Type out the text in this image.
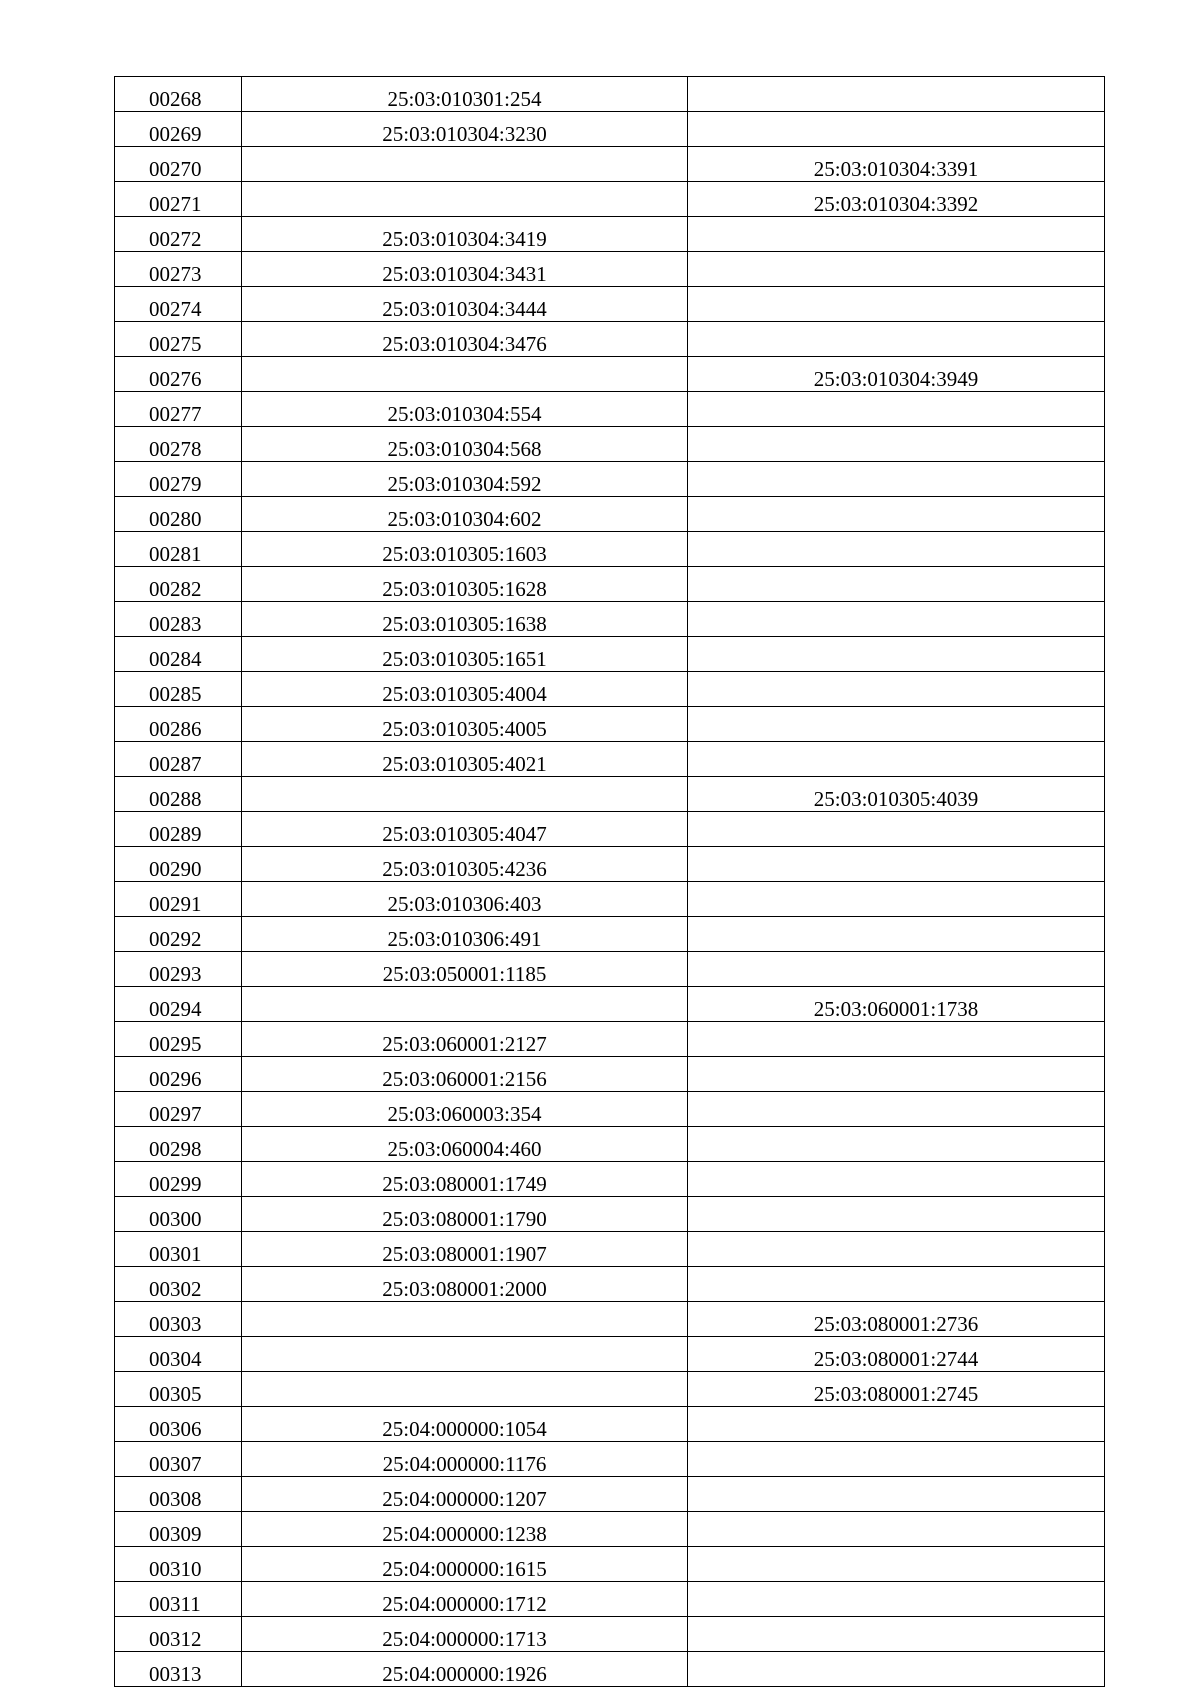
00268	25:03:010301:254	
00269	25:03:010304:3230	
00270		25:03:010304:3391
00271		25:03:010304:3392
00272	25:03:010304:3419	
00273	25:03:010304:3431	
00274	25:03:010304:3444	
00275	25:03:010304:3476	
00276		25:03:010304:3949
00277	25:03:010304:554	
00278	25:03:010304:568	
00279	25:03:010304:592	
00280	25:03:010304:602	
00281	25:03:010305:1603	
00282	25:03:010305:1628	
00283	25:03:010305:1638	
00284	25:03:010305:1651	
00285	25:03:010305:4004	
00286	25:03:010305:4005	
00287	25:03:010305:4021	
00288		25:03:010305:4039
00289	25:03:010305:4047	
00290	25:03:010305:4236	
00291	25:03:010306:403	
00292	25:03:010306:491	
00293	25:03:050001:1185	
00294		25:03:060001:1738
00295	25:03:060001:2127	
00296	25:03:060001:2156	
00297	25:03:060003:354	
00298	25:03:060004:460	
00299	25:03:080001:1749	
00300	25:03:080001:1790	
00301	25:03:080001:1907	
00302	25:03:080001:2000	
00303		25:03:080001:2736
00304		25:03:080001:2744
00305		25:03:080001:2745
00306	25:04:000000:1054	
00307	25:04:000000:1176	
00308	25:04:000000:1207	
00309	25:04:000000:1238	
00310	25:04:000000:1615	
00311	25:04:000000:1712	
00312	25:04:000000:1713	
00313	25:04:000000:1926	
